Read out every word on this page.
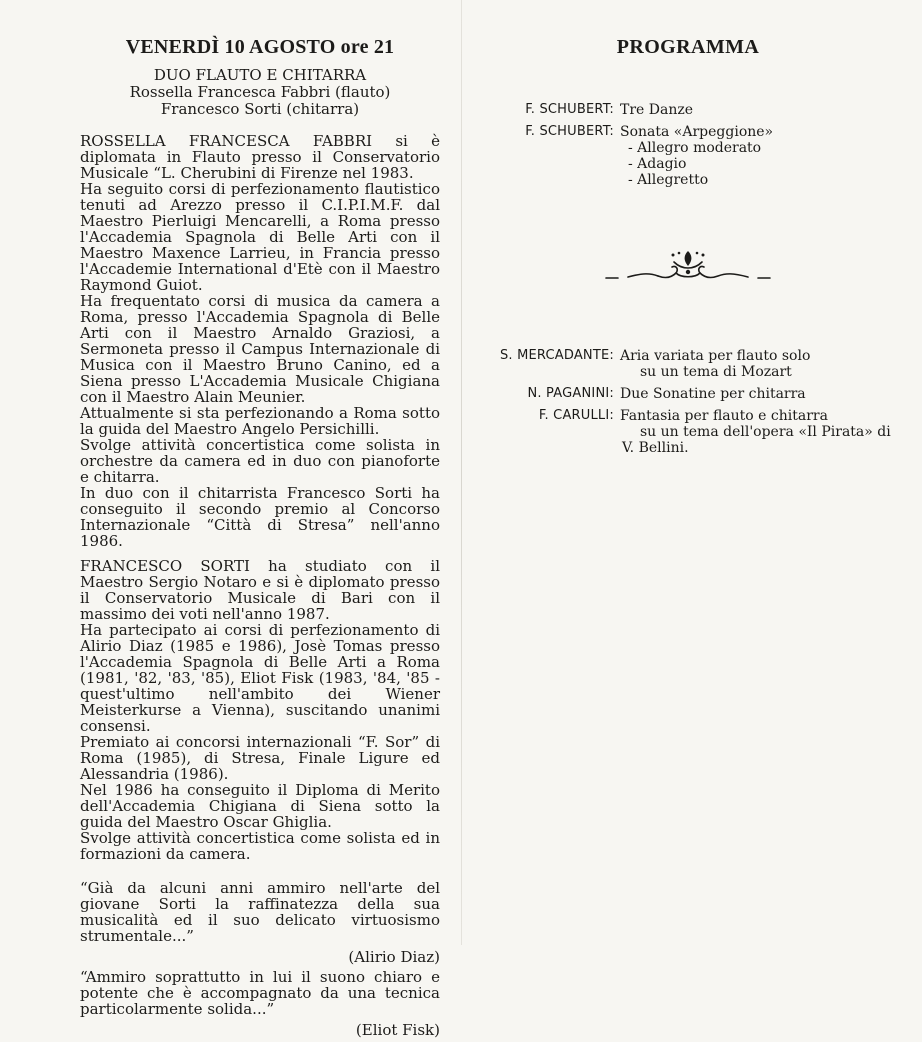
VENERDÌ 10 AGOSTO ore 21
DUO FLAUTO E CHITARRA
Rossella Francesca Fabbri (flauto)
Francesco Sorti (chitarra)

ROSSELLA FRANCESCA FABBRI si è diplomata in Flauto presso il Conservatorio Musicale “L. Cherubini di Firenze nel 1983.

Ha seguito corsi di perfezionamento flautistico tenuti ad Arezzo presso il C.I.P.I.M.F. dal Maestro Pierluigi Mencarelli, a Roma presso l'Accademia Spagnola di Belle Arti con il Maestro Maxence Larrieu, in Francia presso l'Accademie International d'Etè con il Maestro Raymond Guiot.

Ha frequentato corsi di musica da camera a Roma, presso l'Accademia Spagnola di Belle Arti con il Maestro Arnaldo Graziosi, a Sermoneta presso il Campus Internazionale di Musica con il Maestro Bruno Canino, ed a Siena presso L'Accademia Musicale Chigiana con il Maestro Alain Meunier.

Attualmente si sta perfezionando a Roma sotto la guida del Maestro Angelo Persichilli.

Svolge attività concertistica come solista in orchestre da camera ed in duo con pianoforte e chitarra.

In duo con il chitarrista Francesco Sorti ha conseguito il secondo premio al Concorso Internazionale “Città di Stresa” nell'anno 1986.

FRANCESCO SORTI ha studiato con il Maestro Sergio Notaro e si è diplomato presso il Conservatorio Musicale di Bari con il massimo dei voti nell'anno 1987.

Ha partecipato ai corsi di perfezionamento di Alirio Diaz (1985 e 1986), Josè Tomas presso l'Accademia Spagnola di Belle Arti a Roma (1981, '82, '83, '85), Eliot Fisk (1983, '84, '85 - quest'ultimo nell'ambito dei Wiener Meisterkurse a Vienna), suscitando unanimi consensi.

Premiato ai concorsi internazionali “F. Sor” di Roma (1985), di Stresa, Finale Ligure ed Alessandria (1986).

Nel 1986 ha conseguito il Diploma di Merito dell'Accademia Chigiana di Siena sotto la guida del Maestro Oscar Ghiglia.

Svolge attività concertistica come solista ed in formazioni da camera.

“Già da alcuni anni ammiro nell'arte del giovane Sorti la raffinatezza della sua musicalità ed il suo delicato virtuosismo strumentale...”

(Alirio Diaz)

“Ammiro soprattutto in lui il suono chiaro e potente che è accompagnato da una tecnica particolarmente solida...”

(Eliot Fisk)
PROGRAMMA
F. SCHUBERT: Tre Danze
F. SCHUBERT: Sonata «Arpeggione»
- Allegro moderato
- Adagio
- Allegretto
S. MERCADANTE: Aria variata per flauto solo
su un tema di Mozart
N. PAGANINI: Due Sonatine per chitarra
F. CARULLI: Fantasia per flauto e chitarra
su un tema dell'opera «Il Pirata» di
V. Bellini.
